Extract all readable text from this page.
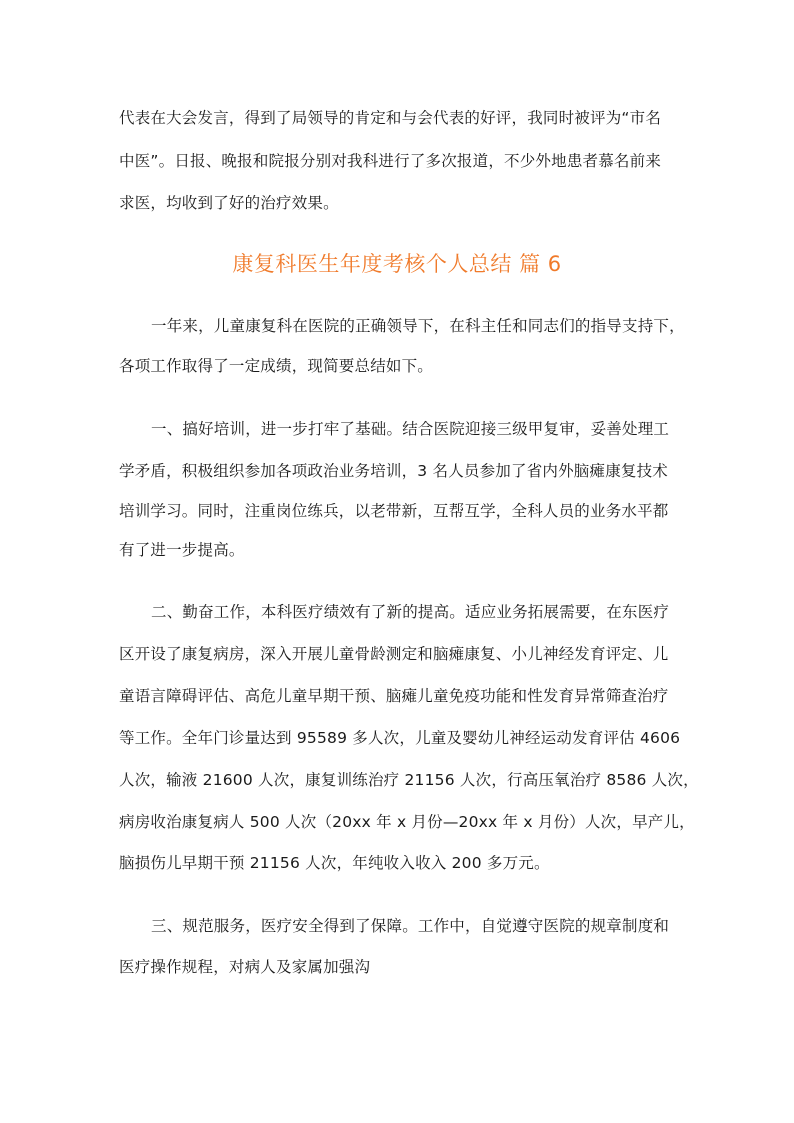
代表在大会发言，得到了局领导的肯定和与会代表的好评，我同时被评为“市名
中医”。日报、晚报和院报分别对我科进行了多次报道，不少外地患者慕名前来
求医，均收到了好的治疗效果。
康复科医生年度考核个人总结 篇 6
一年来，儿童康复科在医院的正确领导下，在科主任和同志们的指导支持下，
各项工作取得了一定成绩，现简要总结如下。
一、搞好培训，进一步打牢了基础。结合医院迎接三级甲复审，妥善处理工
学矛盾，积极组织参加各项政治业务培训，3 名人员参加了省内外脑瘫康复技术
培训学习。同时，注重岗位练兵，以老带新，互帮互学，全科人员的业务水平都
有了进一步提高。
二、勤奋工作，本科医疗绩效有了新的提高。适应业务拓展需要，在东医疗
区开设了康复病房，深入开展儿童骨龄测定和脑瘫康复、小儿神经发育评定、儿
童语言障碍评估、高危儿童早期干预、脑瘫儿童免疫功能和性发育异常筛查治疗
等工作。全年门诊量达到 95589 多人次，儿童及婴幼儿神经运动发育评估 4606
人次，输液 21600 人次，康复训练治疗 21156 人次，行高压氧治疗 8586 人次，
病房收治康复病人 500 人次（20xx 年 x 月份—20xx 年 x 月份）人次，早产儿，
脑损伤儿早期干预 21156 人次，年纯收入收入 200 多万元。
三、规范服务，医疗安全得到了保障。工作中，自觉遵守医院的规章制度和
医疗操作规程，对病人及家属加强沟
